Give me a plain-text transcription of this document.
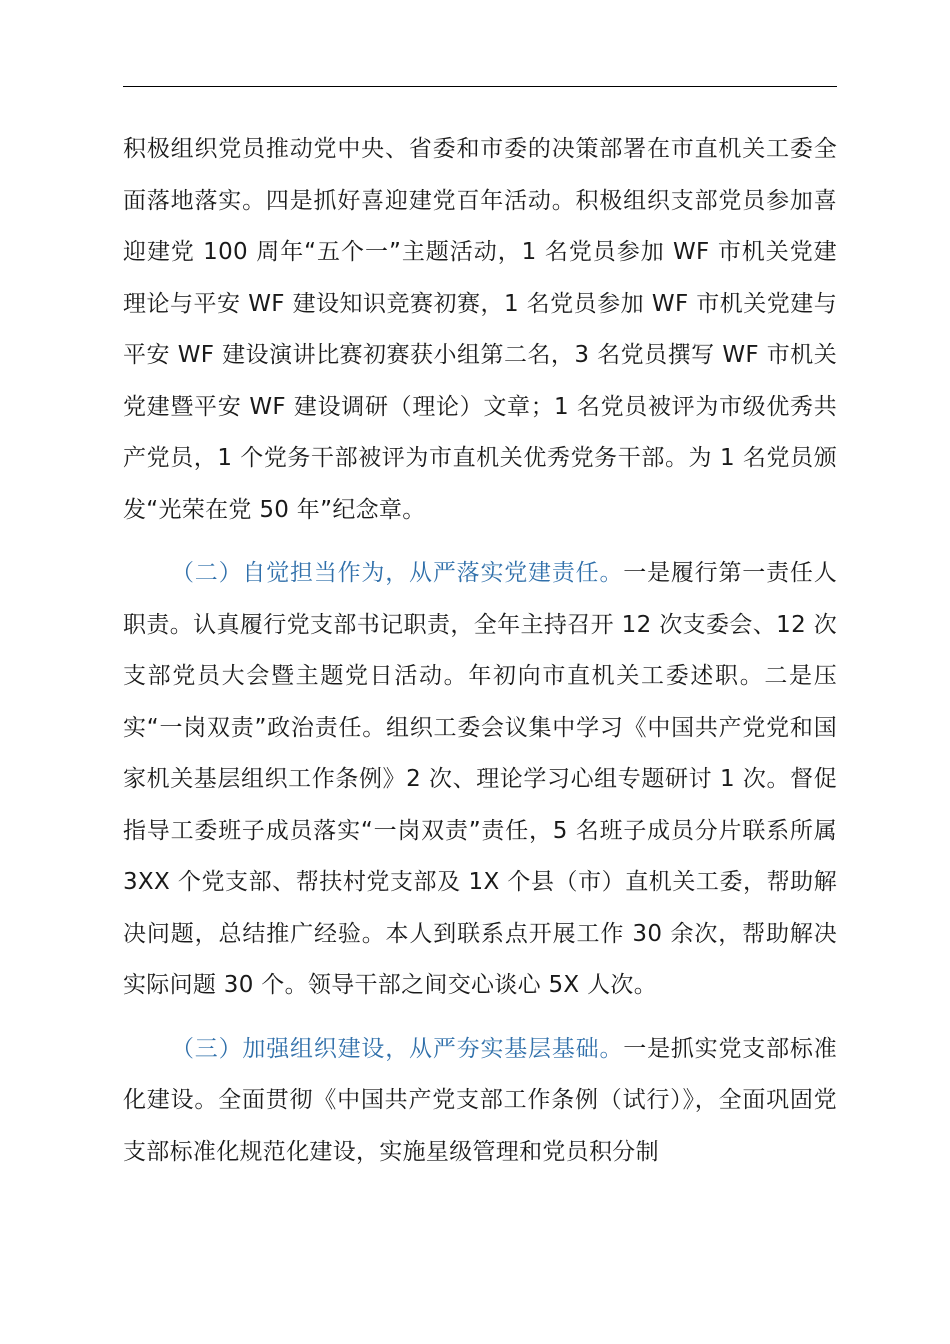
积极组织党员推动党中央、省委和市委的决策部署在市直机关工委全面落地落实。四是抓好喜迎建党百年活动。积极组织支部党员参加喜迎建党 100 周年“五个一”主题活动，1 名党员参加 WF 市机关党建理论与平安 WF 建设知识竞赛初赛，1 名党员参加 WF 市机关党建与平安 WF 建设演讲比赛初赛获小组第二名，3 名党员撰写 WF 市机关党建暨平安 WF 建设调研（理论）文章；1 名党员被评为市级优秀共产党员，1 个党务干部被评为市直机关优秀党务干部。为 1 名党员颁发“光荣在党 50 年”纪念章。

（二）自觉担当作为，从严落实党建责任。一是履行第一责任人职责。认真履行党支部书记职责，全年主持召开 12 次支委会、12 次支部党员大会暨主题党日活动。年初向市直机关工委述职。二是压实“一岗双责”政治责任。组织工委会议集中学习《中国共产党党和国家机关基层组织工作条例》2 次、理论学习心组专题研讨 1 次。督促指导工委班子成员落实“一岗双责”责任，5 名班子成员分片联系所属 3XX 个党支部、帮扶村党支部及 1X 个县（市）直机关工委，帮助解决问题，总结推广经验。本人到联系点开展工作 30 余次，帮助解决实际问题 30 个。领导干部之间交心谈心 5X 人次。

（三）加强组织建设，从严夯实基层基础。一是抓实党支部标准化建设。全面贯彻《中国共产党支部工作条例（试行）》，全面巩固党支部标准化规范化建设，实施星级管理和党员积分制
